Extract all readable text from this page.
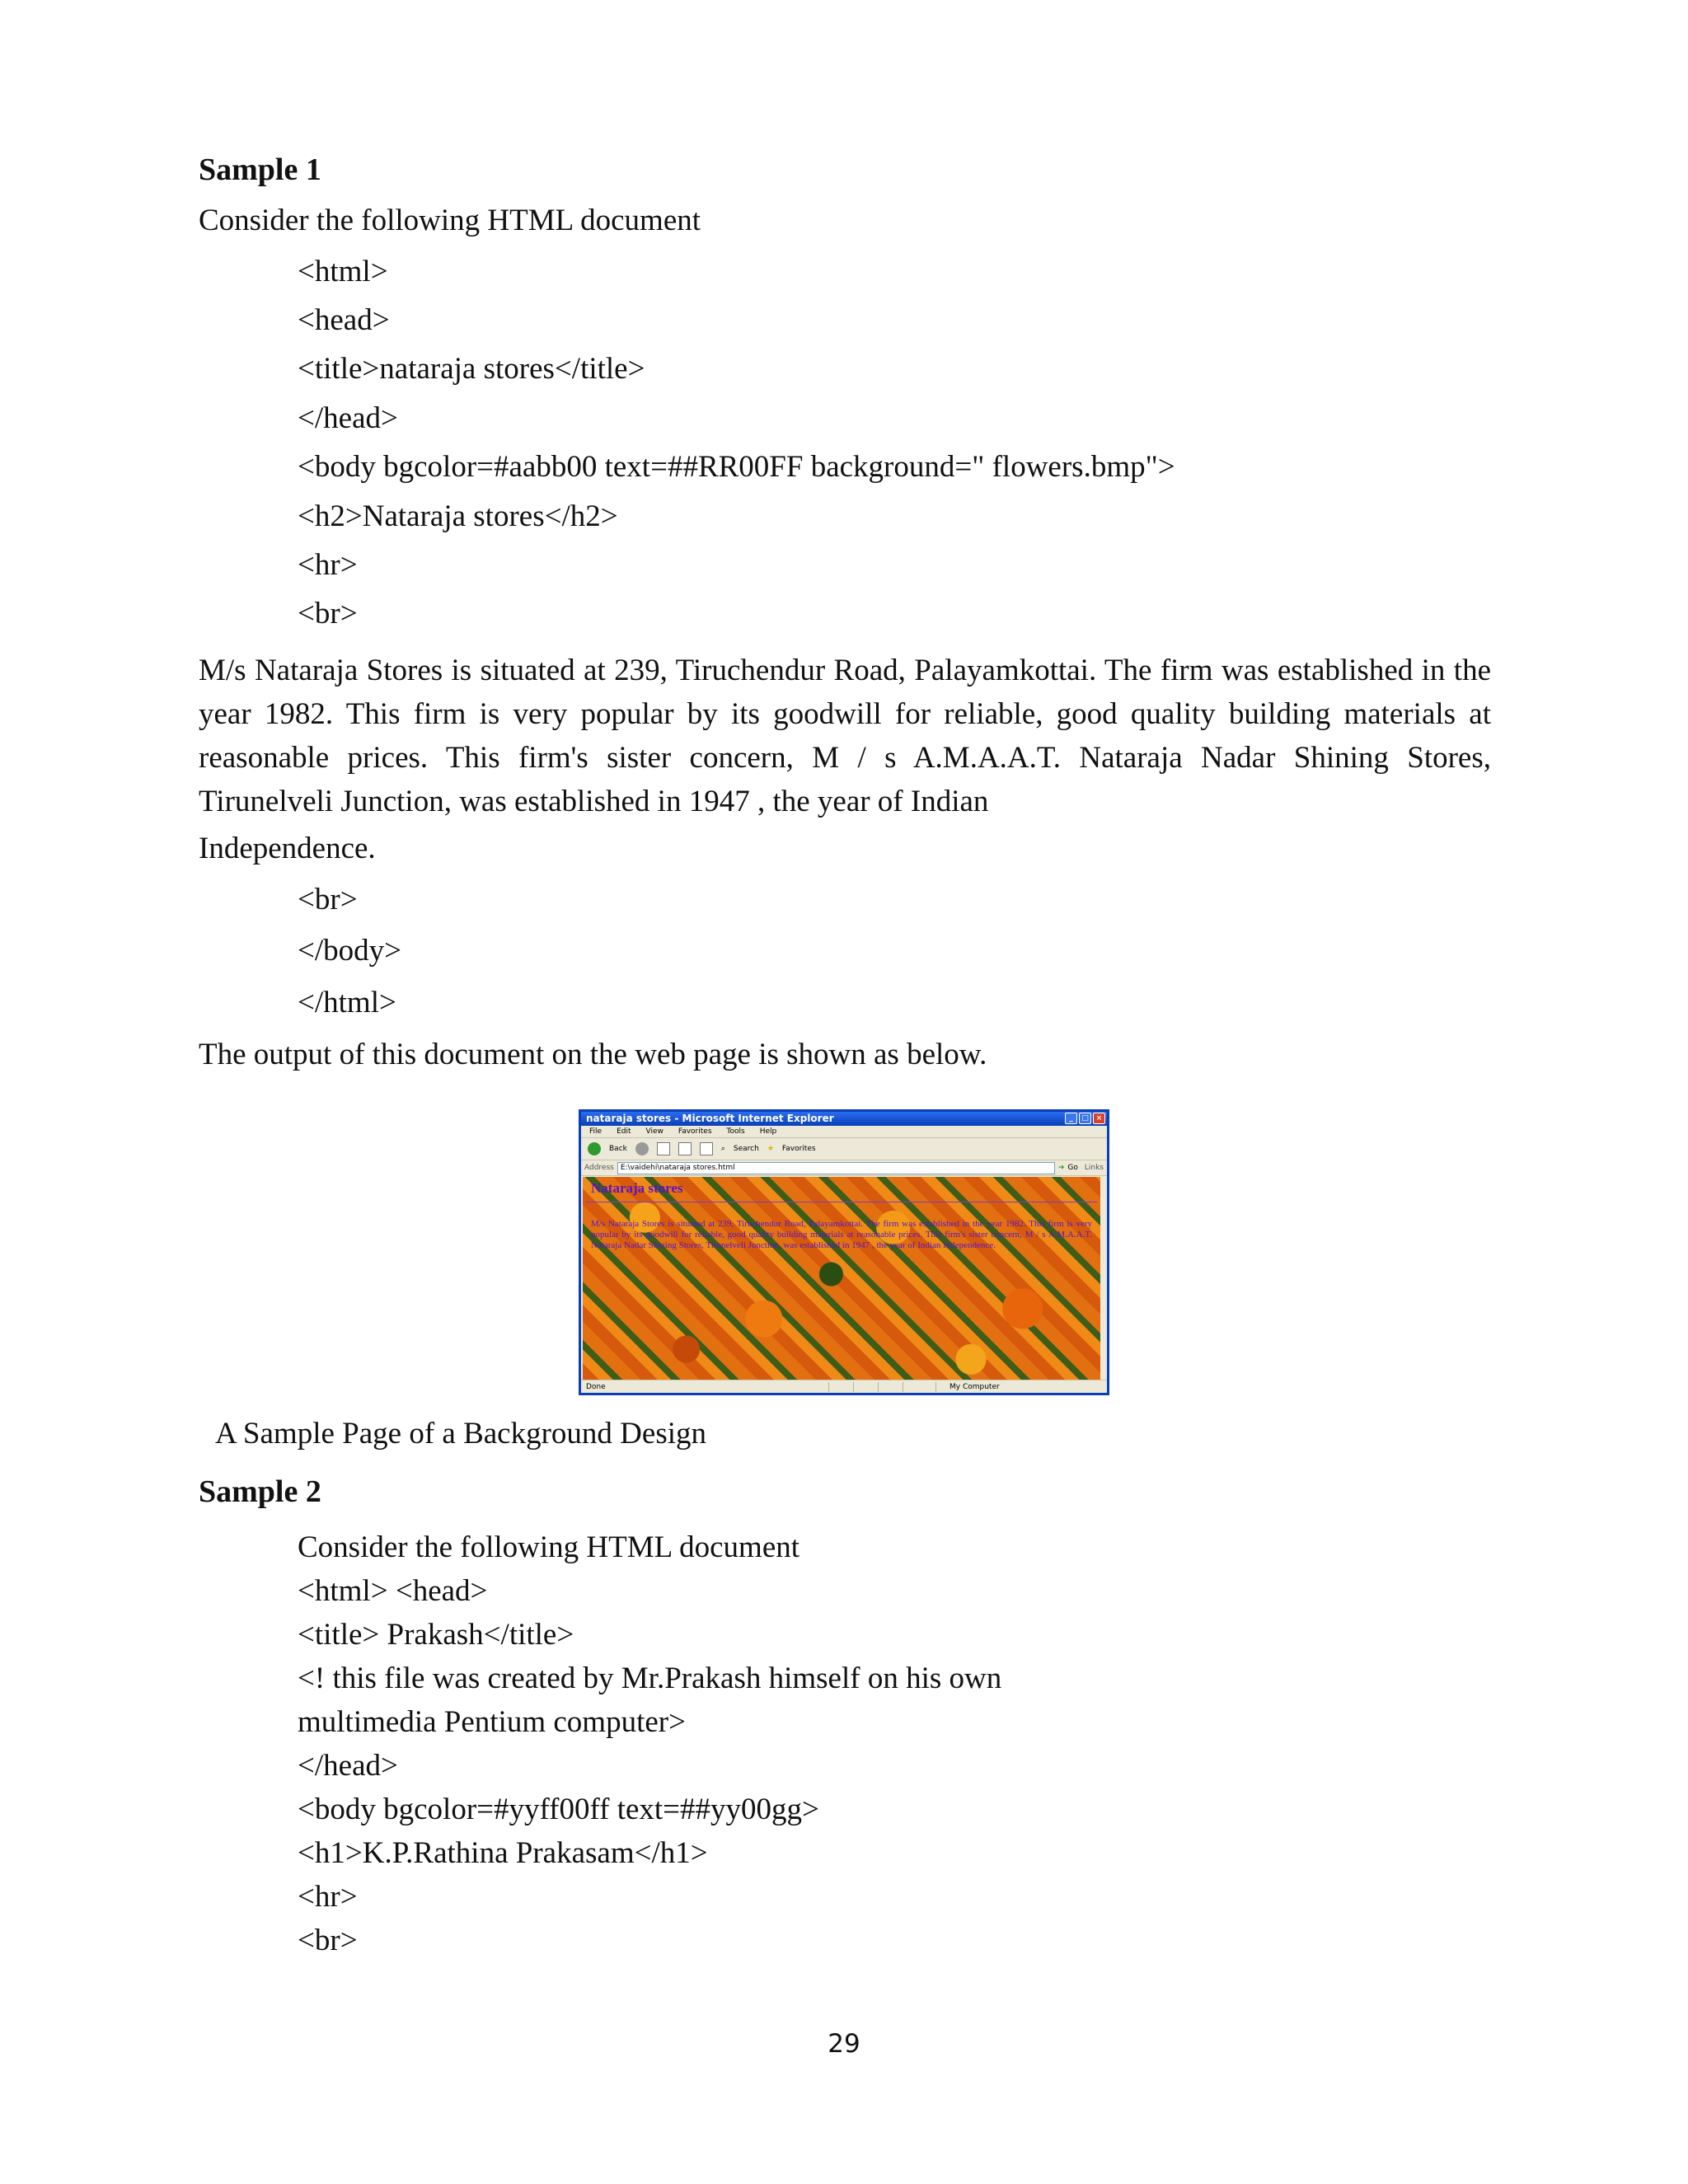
Sample 1
Consider the following HTML document
<html>
<head>
<title>nataraja stores</title>
</head>
<body bgcolor=#aabb00 text=##RR00FF background=" flowers.bmp">
<h2>Nataraja stores</h2>
<hr>
<br>
M/s Nataraja Stores is situated at 239, Tiruchendur Road, Palayamkottai. The firm was established in the year 1982. This firm is very popular by its goodwill for reliable, good quality building materials at reasonable prices. This firm's sister concern, M / s A.M.A.A.T. Nataraja Nadar Shining Stores, Tirunelveli Junction, was established in 1947 , the year of Indian
Independence.
<br>
</body>
</html>
The output of this document on the web page is shown as below.
nataraja stores - Microsoft Internet Explorer	_	□ ×
File Edit View Favorites Tools Help
Back	⌕ Search ★ Favorites
Address E:\vaidehi\nataraja stores.html	➜ Go Links
Nataraja stores
M/s Nataraja Stores is situated at 239, Tiruchendur Road, Palayamkottai. The firm was established in the year 1982. This firm is very popular by its goodwill for reliable, good quality building materials at reasonable prices. This firm's sister concern, M / s A.M.A.A.T. Nataraja Nadar Shining Stores, Tirunelveli Junction, was established in 1947 , the year of Indian Independence.
Done	My Computer
A Sample Page of a Background Design
Sample 2
Consider the following HTML document
<html> <head>
<title> Prakash</title>
<! this file was created by Mr.Prakash himself on his own
multimedia Pentium computer>
</head>
<body bgcolor=#yyff00ff text=##yy00gg>
<h1>K.P.Rathina Prakasam</h1>
<hr>
<br>
29
